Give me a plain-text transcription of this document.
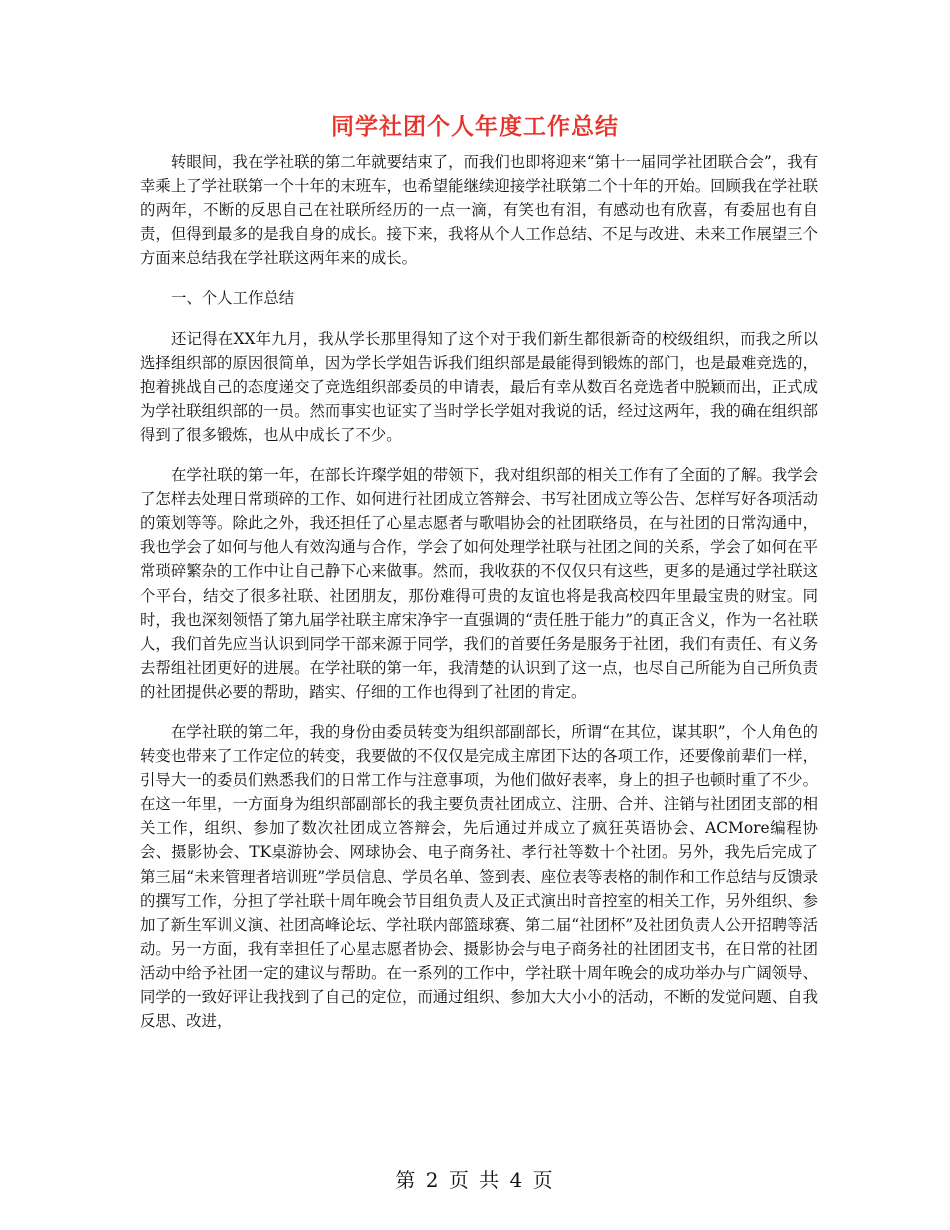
同学社团个人年度工作总结

转眼间，我在学社联的第二年就要结束了，而我们也即将迎来“第十一届同学社团联合会”，我有幸乘上了学社联第一个十年的末班车，也希望能继续迎接学社联第二个十年的开始。回顾我在学社联的两年，不断的反思自己在社联所经历的一点一滴，有笑也有泪，有感动也有欣喜，有委屈也有自责，但得到最多的是我自身的成长。接下来，我将从个人工作总结、不足与改进、未来工作展望三个方面来总结我在学社联这两年来的成长。

一、个人工作总结

还记得在XX年九月，我从学长那里得知了这个对于我们新生都很新奇的校级组织，而我之所以选择组织部的原因很简单，因为学长学姐告诉我们组织部是最能得到锻炼的部门，也是最难竞选的，抱着挑战自己的态度递交了竞选组织部委员的申请表，最后有幸从数百名竞选者中脱颖而出，正式成为学社联组织部的一员。然而事实也证实了当时学长学姐对我说的话，经过这两年，我的确在组织部得到了很多锻炼，也从中成长了不少。

在学社联的第一年，在部长许璨学姐的带领下，我对组织部的相关工作有了全面的了解。我学会了怎样去处理日常琐碎的工作、如何进行社团成立答辩会、书写社团成立等公告、怎样写好各项活动的策划等等。除此之外，我还担任了心星志愿者与歌唱协会的社团联络员，在与社团的日常沟通中，我也学会了如何与他人有效沟通与合作，学会了如何处理学社联与社团之间的关系，学会了如何在平常琐碎繁杂的工作中让自己静下心来做事。然而，我收获的不仅仅只有这些，更多的是通过学社联这个平台，结交了很多社联、社团朋友，那份难得可贵的友谊也将是我高校四年里最宝贵的财宝。同时，我也深刻领悟了第九届学社联主席宋净宇一直强调的“责任胜于能力”的真正含义，作为一名社联人，我们首先应当认识到同学干部来源于同学，我们的首要任务是服务于社团，我们有责任、有义务去帮组社团更好的进展。在学社联的第一年，我清楚的认识到了这一点，也尽自己所能为自己所负责的社团提供必要的帮助，踏实、仔细的工作也得到了社团的肯定。

在学社联的第二年，我的身份由委员转变为组织部副部长，所谓“在其位，谋其职”，个人角色的转变也带来了工作定位的转变，我要做的不仅仅是完成主席团下达的各项工作，还要像前辈们一样，引导大一的委员们熟悉我们的日常工作与注意事项，为他们做好表率，身上的担子也顿时重了不少。在这一年里，一方面身为组织部副部长的我主要负责社团成立、注册、合并、注销与社团团支部的相关工作，组织、参加了数次社团成立答辩会，先后通过并成立了疯狂英语协会、ACMore编程协会、摄影协会、TK桌游协会、网球协会、电子商务社、孝行社等数十个社团。另外，我先后完成了第三届“未来管理者培训班”学员信息、学员名单、签到表、座位表等表格的制作和工作总结与反馈录的撰写工作，分担了学社联十周年晚会节目组负责人及正式演出时音控室的相关工作，另外组织、参加了新生军训义演、社团高峰论坛、学社联内部篮球赛、第二届“社团杯”及社团负责人公开招聘等活动。另一方面，我有幸担任了心星志愿者协会、摄影协会与电子商务社的社团团支书，在日常的社团活动中给予社团一定的建议与帮助。在一系列的工作中，学社联十周年晚会的成功举办与广阔领导、同学的一致好评让我找到了自己的定位，而通过组织、参加大大小小的活动，不断的发觉问题、自我反思、改进，

第 2 页 共 4 页
